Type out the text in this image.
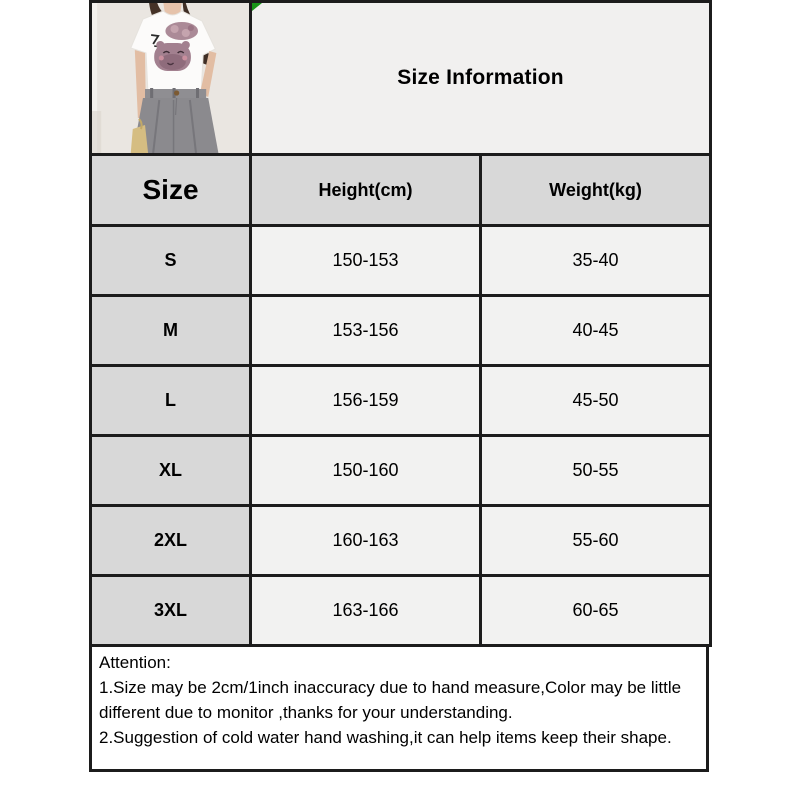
Size Information	
Size	Height(cm)	Weight(kg)
S	150-153	35-40
M	153-156	40-45
L	156-159	45-50
XL	150-160	50-55
2XL	160-163	55-60
3XL	163-166	60-65

Attention:

1.Size may be 2cm/1inch inaccuracy due to hand measure,Color may be little different due to monitor ,thanks for your understanding.

2.Suggestion of cold water hand washing,it can help items keep their shape.
